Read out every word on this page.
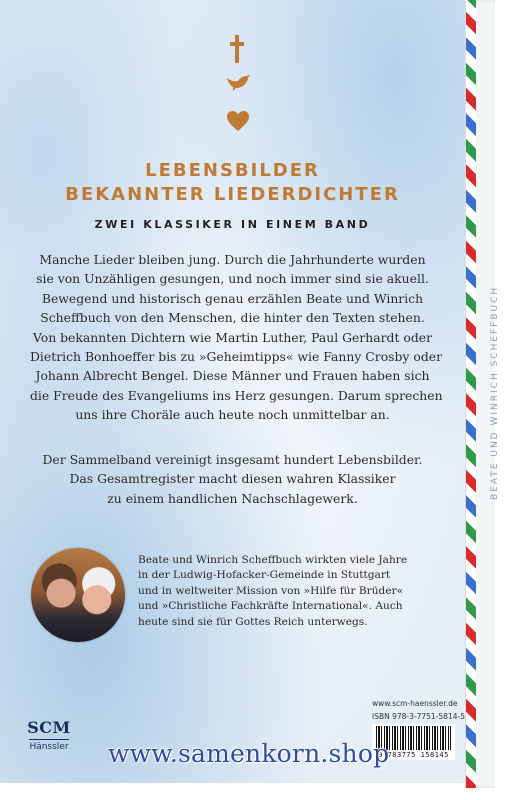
BEATE UND WINRICH SCHEFFBUCH
LEBENSBILDER
BEKANNTER LIEDERDICHTER
ZWEI KLASSIKER IN EINEM BAND

Manche Lieder bleiben jung. Durch die Jahrhunderte wurden
sie von Unzähligen gesungen, und noch immer sind sie akuell.
Bewegend und historisch genau erzählen Beate und Winrich
Scheffbuch von den Menschen, die hinter den Texten stehen.
Von bekannten Dichtern wie Martin Luther, Paul Gerhardt oder
Dietrich Bonhoeffer bis zu »Geheimtipps« wie Fanny Crosby oder
Johann Albrecht Bengel. Diese Männer und Frauen haben sich
die Freude des Evangeliums ins Herz gesungen. Darum sprechen
uns ihre Choräle auch heute noch unmittelbar an.

Der Sammelband vereinigt insgesamt hundert Lebensbilder.
Das Gesamtregister macht diesen wahren Klassiker
zu einem handlichen Nachschlagewerk.

Beate und Winrich Scheffbuch wirkten viele Jahre
in der Ludwig-Hofacker-Gemeinde in Stuttgart
und in weltweiter Mission von »Hilfe für Brüder«
und »Christliche Fachkräfte International«. Auch
heute sind sie für Gottes Reich unterwegs.
www.scm-haenssler.de
ISBN 978-3-7751-5814-5
9 783775 158145
SCM
Hänssler www.samenkorn.shop
